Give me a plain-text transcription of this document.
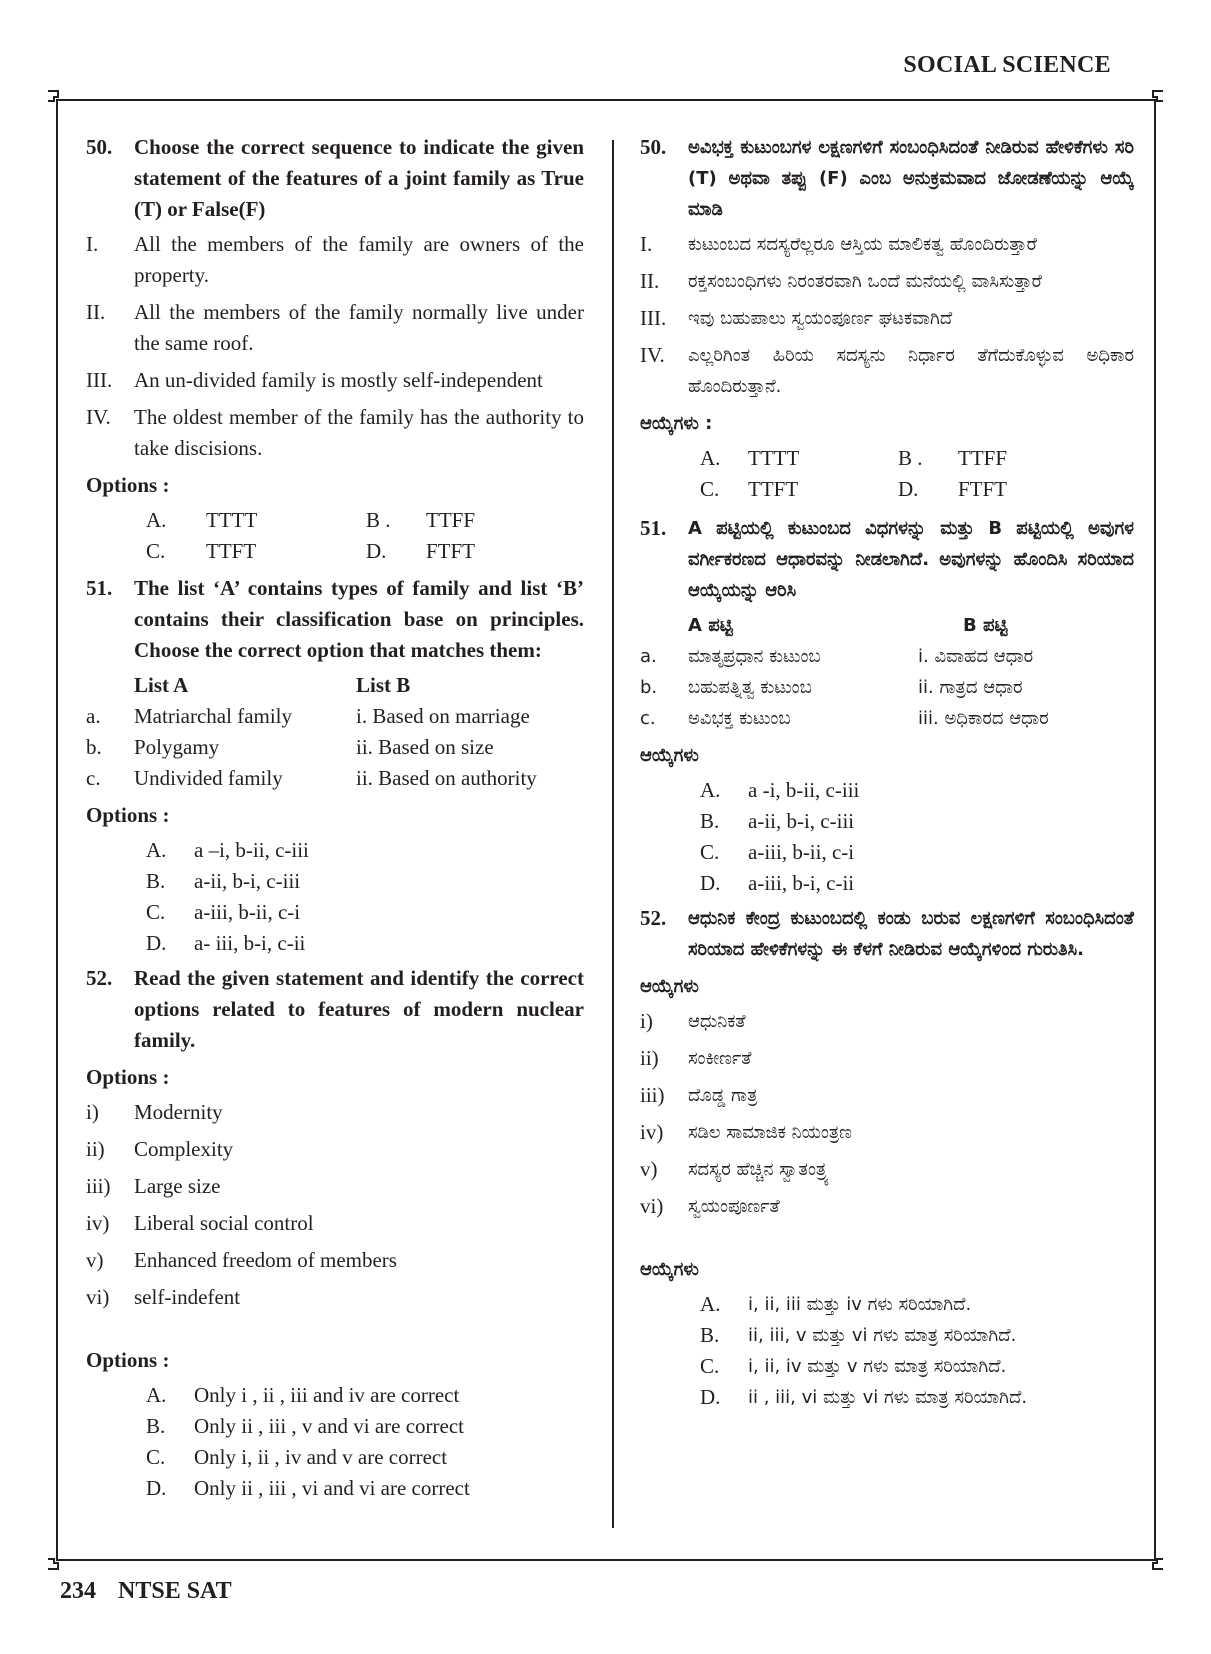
SOCIAL SCIENCE
50.	Choose the correct sequence to indicate the given statement of the features of a joint family as True (T) or False(F)
I.	All the members of the family are owners of the property.
II.	All the members of the family normally live under the same roof.
III.	An un-divided family is mostly self-independent
IV.	The oldest member of the family has the authority to take discisions.
Options :
A.	TTTT	B .	TTFF
C.	TTFT	D.	FTFT
51.	The list ‘A’ contains types of family and list ‘B’ contains their classification base on principles. Choose the correct option that matches them:
List A	List B
a.	Matriarchal family	i. Based on marriage
b.	Polygamy	ii. Based on size
c.	Undivided family	ii. Based on authority
Options :
A.	a –i, b-ii, c-iii
B.	a-ii, b-i, c-iii
C.	a-iii, b-ii, c-i
D.	a- iii, b-i, c-ii
52.	Read the given statement and identify the correct options related to features of modern nuclear family.
Options :
i)	Modernity
ii)	Complexity
iii)	Large size
iv)	Liberal social control
v)	Enhanced freedom of members
vi)	self-indefent
Options :
A.	Only i , ii , iii and iv are correct
B.	Only ii , iii , v and vi are correct
C.	Only i, ii , iv and v are correct
D.	Only ii , iii , vi and vi are correct
50.	ಅವಿಭಕ್ತ ಕುಟುಂಬಗಳ ಲಕ್ಷಣಗಳಿಗೆ ಸಂಬಂಧಿಸಿದಂತೆ ನೀಡಿರುವ ಹೇಳಿಕೆಗಳು ಸರಿ (T) ಅಥವಾ ತಪ್ಪು (F) ಎಂಬ ಅನುಕ್ರಮವಾದ ಜೋಡಣೆಯನ್ನು ಆಯ್ಕೆ ಮಾಡಿ
I.	ಕುಟುಂಬದ ಸದಸ್ಯರೆಲ್ಲರೂ ಆಸ್ತಿಯ ಮಾಲಿಕತ್ವ ಹೊಂದಿರುತ್ತಾರೆ
II.	ರಕ್ತಸಂಬಂಧಿಗಳು ನಿರಂತರವಾಗಿ ಒಂದೆ ಮನೆಯಲ್ಲಿ ವಾಸಿಸುತ್ತಾರೆ
III.	ಇವು ಬಹುಪಾಲು ಸ್ವಯಂಪೂರ್ಣ ಘಟಕವಾಗಿದೆ
IV.	ಎಲ್ಲರಿಗಿಂತ ಹಿರಿಯ ಸದಸ್ಯನು ನಿರ್ಧಾರ ತೆಗೆದುಕೊಳ್ಳುವ ಅಧಿಕಾರ ಹೊಂದಿರುತ್ತಾನೆ.
ಆಯ್ಕೆಗಳು :
A.	TTTT	B .	TTFF
C.	TTFT	D.	FTFT
51.	A ಪಟ್ಟಿಯಲ್ಲಿ ಕುಟುಂಬದ ವಿಧಗಳನ್ನು ಮತ್ತು B ಪಟ್ಟಿಯಲ್ಲಿ ಅವುಗಳ ವರ್ಗೀಕರಣದ ಆಧಾರವನ್ನು ನೀಡಲಾಗಿದೆ. ಅವುಗಳನ್ನು ಹೊಂದಿಸಿ ಸರಿಯಾದ ಆಯ್ಕೆಯನ್ನು ಆರಿಸಿ
A ಪಟ್ಟಿ	B ಪಟ್ಟಿ
a.	ಮಾತೃಪ್ರಧಾನ ಕುಟುಂಬ	i. ವಿವಾಹದ ಆಧಾರ
b.	ಬಹುಪತ್ನಿತ್ವ ಕುಟುಂಬ	ii. ಗಾತ್ರದ ಆಧಾರ
c.	ಅವಿಭಕ್ತ ಕುಟುಂಬ	iii. ಅಧಿಕಾರದ ಆಧಾರ
ಆಯ್ಕೆಗಳು
A.	a -i, b-ii, c-iii
B.	a-ii, b-i, c-iii
C.	a-iii, b-ii, c-i
D.	a-iii, b-i, c-ii
52.	ಆಧುನಿಕ ಕೇಂದ್ರ ಕುಟುಂಬದಲ್ಲಿ ಕಂಡು ಬರುವ ಲಕ್ಷಣಗಳಿಗೆ ಸಂಬಂಧಿಸಿದಂತೆ ಸರಿಯಾದ ಹೇಳಿಕೆಗಳನ್ನು ಈ ಕೆಳಗೆ ನೀಡಿರುವ ಆಯ್ಕೆಗಳಿಂದ ಗುರುತಿಸಿ.
ಆಯ್ಕೆಗಳು
i)	ಆಧುನಿಕತೆ
ii)	ಸಂಕೀರ್ಣತೆ
iii)	ದೊಡ್ಡ ಗಾತ್ರ
iv)	ಸಡಿಲ ಸಾಮಾಜಿಕ ನಿಯಂತ್ರಣ
v)	ಸದಸ್ಯರ ಹೆಚ್ಚಿನ ಸ್ವಾತಂತ್ರ್ಯ
vi)	ಸ್ವಯಂಪೂರ್ಣತೆ
ಆಯ್ಕೆಗಳು
A.	i, ii, iii ಮತ್ತು iv ಗಳು ಸರಿಯಾಗಿದೆ.
B.	ii, iii, v ಮತ್ತು vi ಗಳು ಮಾತ್ರ ಸರಿಯಾಗಿದೆ.
C.	i, ii, iv ಮತ್ತು v ಗಳು ಮಾತ್ರ ಸರಿಯಾಗಿದೆ.
D.	ii , iii, vi ಮತ್ತು vi ಗಳು ಮಾತ್ರ ಸರಿಯಾಗಿದೆ.
234 NTSE SAT
